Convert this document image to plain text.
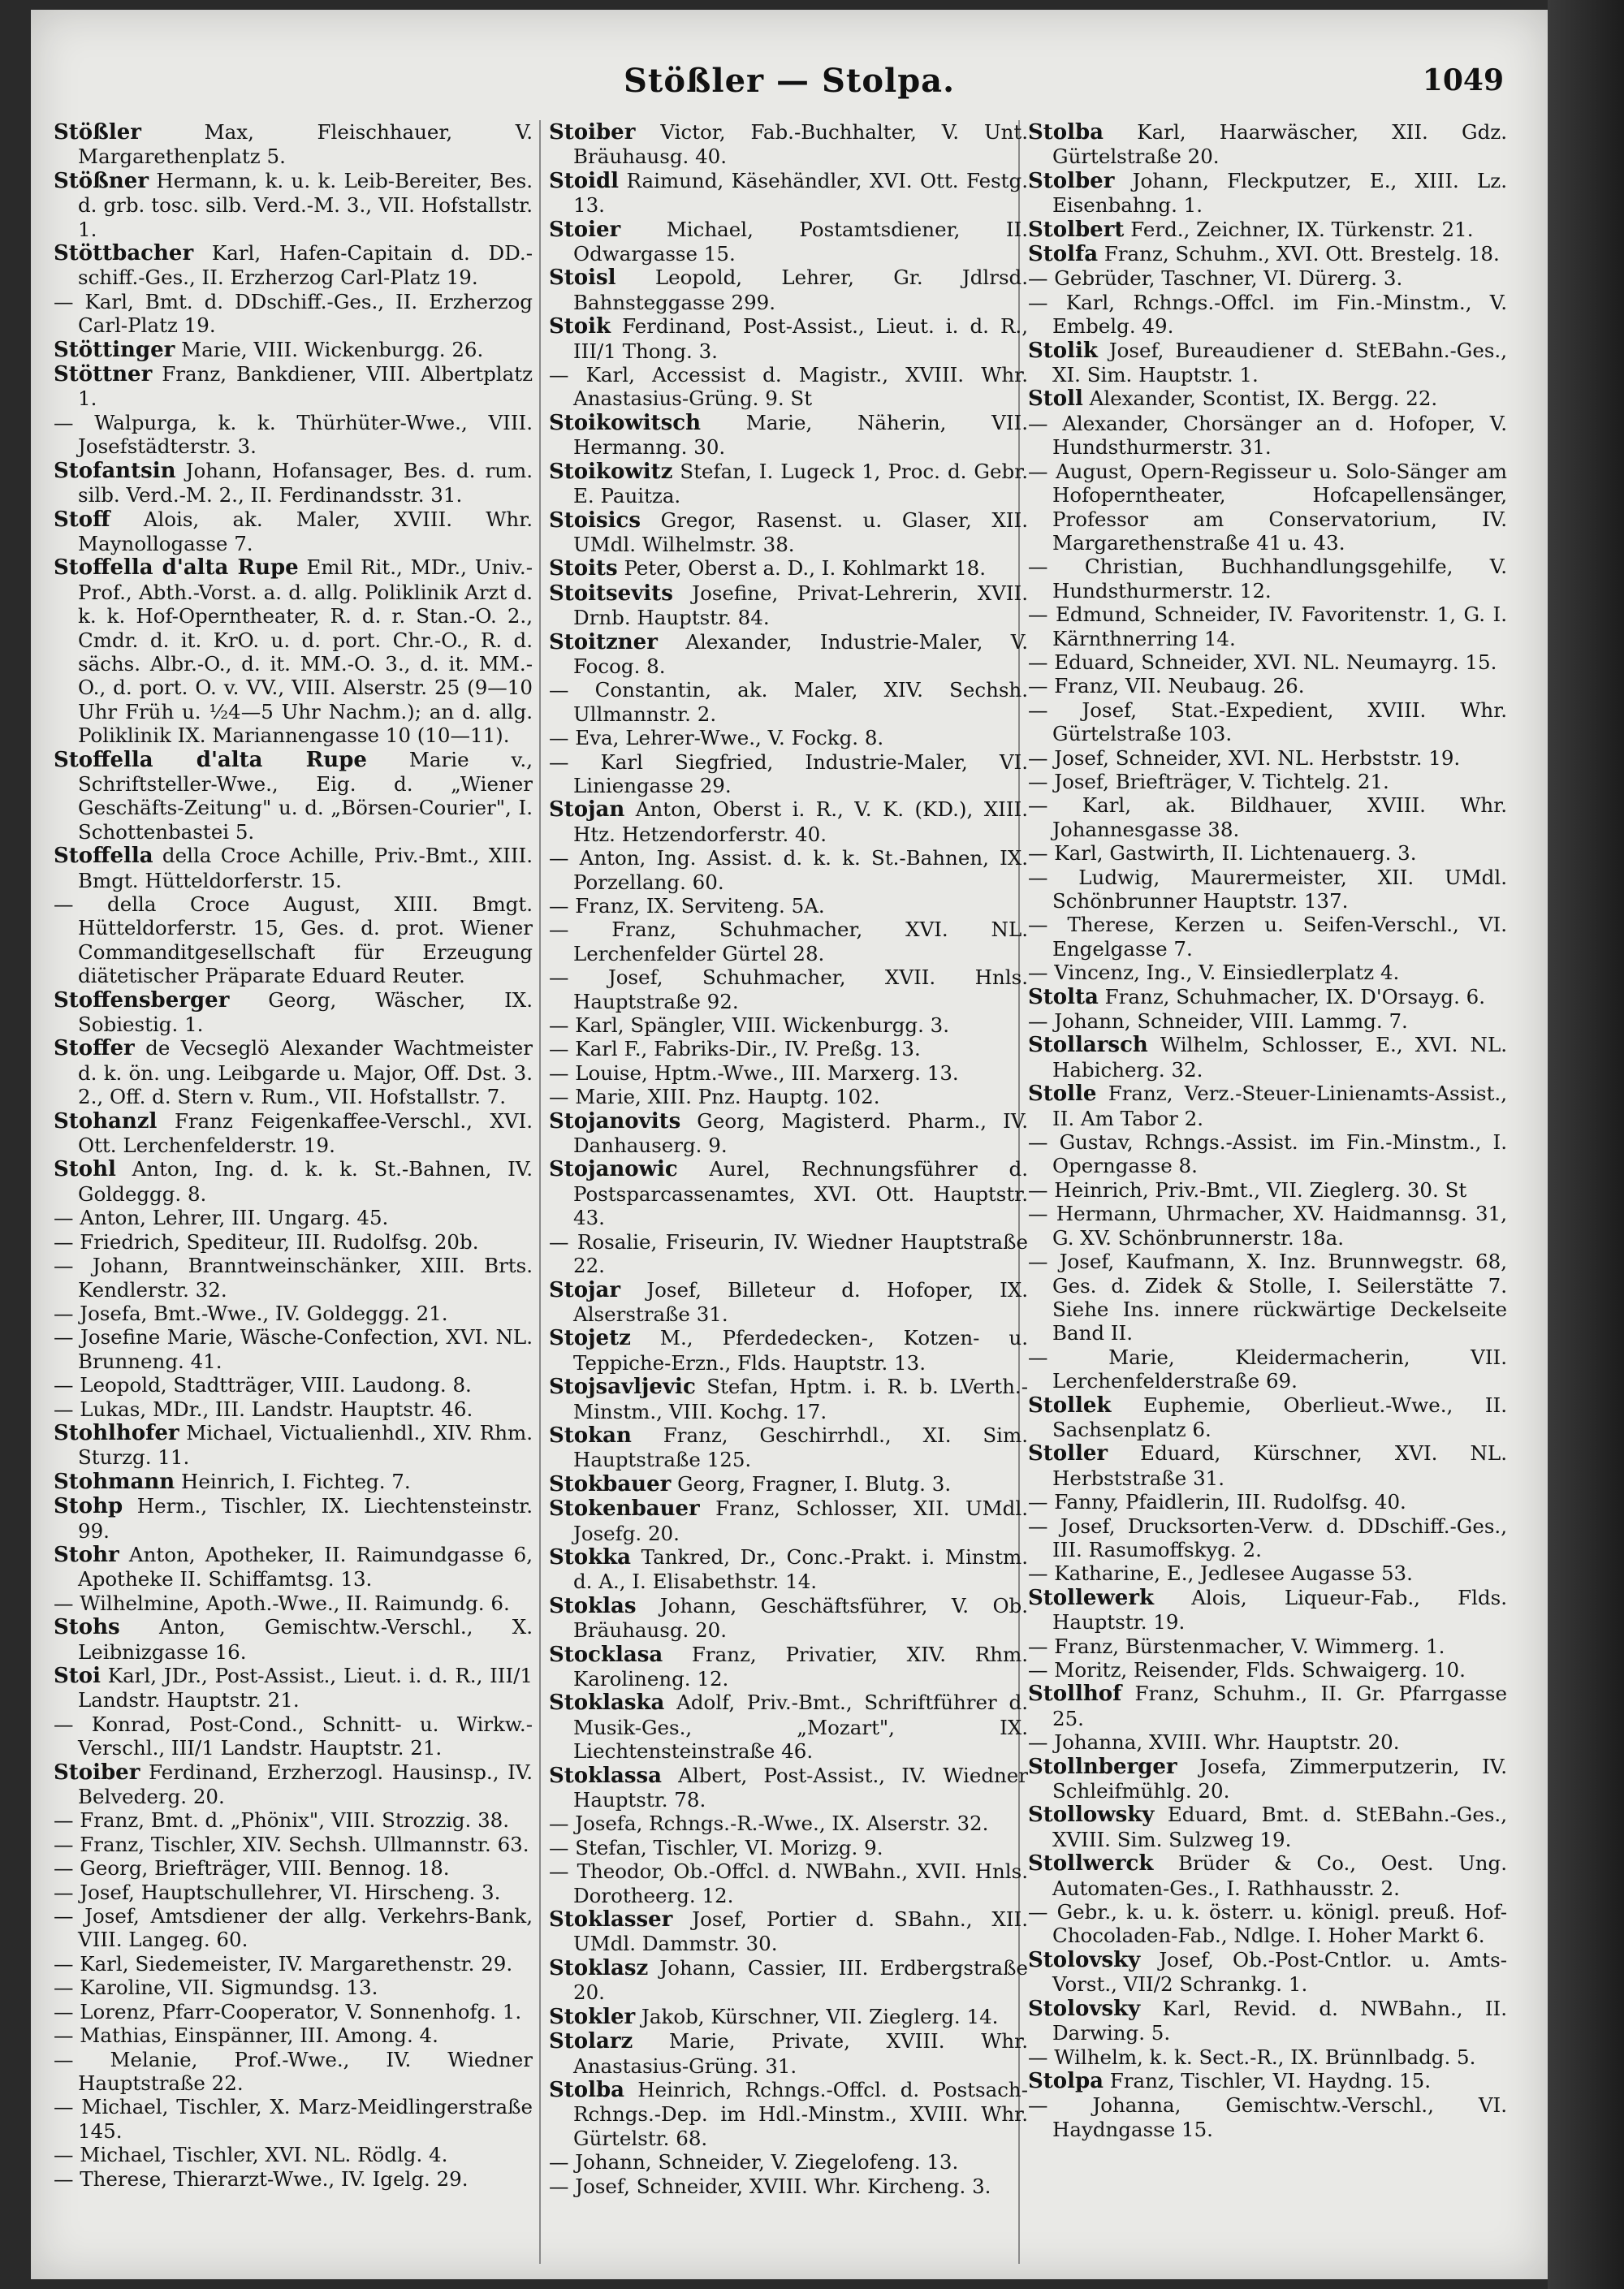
Stößler — Stolpa.	1049
Stößler Max, Fleischhauer, V. Margarethenplatz 5.
Stößner Hermann, k. u. k. Leib-Bereiter, Bes. d. grb. tosc. silb. Verd.-M. 3., VII. Hofstallstr. 1.
Stöttbacher Karl, Hafen-Capitain d. DD.-schiff.-Ges., II. Erzherzog Carl-Platz 19.
— Karl, Bmt. d. DDschiff.-Ges., II. Erzherzog Carl-Platz 19.
Stöttinger Marie, VIII. Wickenburgg. 26.
Stöttner Franz, Bankdiener, VIII. Albertplatz 1.
— Walpurga, k. k. Thürhüter-Wwe., VIII. Josefstädterstr. 3.
Stofantsin Johann, Hofansager, Bes. d. rum. silb. Verd.-M. 2., II. Ferdinandsstr. 31.
Stoff Alois, ak. Maler, XVIII. Whr. Maynollogasse 7.
Stoffella d'alta Rupe Emil Rit., MDr., Univ.-Prof., Abth.-Vorst. a. d. allg. Poliklinik Arzt d. k. k. Hof-Operntheater, R. d. r. Stan.-O. 2., Cmdr. d. it. KrO. u. d. port. Chr.-O., R. d. sächs. Albr.-O., d. it. MM.-O. 3., d. it. MM.-O., d. port. O. v. VV., VIII. Alserstr. 25 (9—10 Uhr Früh u. ½4—5 Uhr Nachm.); an d. allg. Poliklinik IX. Mariannengasse 10 (10—11).
Stoffella d'alta Rupe Marie v., Schriftsteller-Wwe., Eig. d. „Wiener Geschäfts-Zeitung" u. d. „Börsen-Courier", I. Schottenbastei 5.
Stoffella della Croce Achille, Priv.-Bmt., XIII. Bmgt. Hütteldorferstr. 15.
— della Croce August, XIII. Bmgt. Hütteldorferstr. 15, Ges. d. prot. Wiener Commanditgesellschaft für Erzeugung diätetischer Präparate Eduard Reuter.
Stoffensberger Georg, Wäscher, IX. Sobiestig. 1.
Stoffer de Vecseglö Alexander Wachtmeister d. k. ön. ung. Leibgarde u. Major, Off. Dst. 3. 2., Off. d. Stern v. Rum., VII. Hofstallstr. 7.
Stohanzl Franz Feigenkaffee-Verschl., XVI. Ott. Lerchenfelderstr. 19.
Stohl Anton, Ing. d. k. k. St.-Bahnen, IV. Goldeggg. 8.
— Anton, Lehrer, III. Ungarg. 45.
— Friedrich, Spediteur, III. Rudolfsg. 20b.
— Johann, Branntweinschänker, XIII. Brts. Kendlerstr. 32.
— Josefa, Bmt.-Wwe., IV. Goldeggg. 21.
— Josefine Marie, Wäsche-Confection, XVI. NL. Brunneng. 41.
— Leopold, Stadtträger, VIII. Laudong. 8.
— Lukas, MDr., III. Landstr. Hauptstr. 46.
Stohlhofer Michael, Victualienhdl., XIV. Rhm. Sturzg. 11.
Stohmann Heinrich, I. Fichteg. 7.
Stohp Herm., Tischler, IX. Liechtensteinstr. 99.
Stohr Anton, Apotheker, II. Raimundgasse 6, Apotheke II. Schiffamtsg. 13.
— Wilhelmine, Apoth.-Wwe., II. Raimundg. 6.
Stohs Anton, Gemischtw.-Verschl., X. Leibnizgasse 16.
Stoi Karl, JDr., Post-Assist., Lieut. i. d. R., III/1 Landstr. Hauptstr. 21.
— Konrad, Post-Cond., Schnitt- u. Wirkw.-Verschl., III/1 Landstr. Hauptstr. 21.
Stoiber Ferdinand, Erzherzogl. Hausinsp., IV. Belvederg. 20.
— Franz, Bmt. d. „Phönix", VIII. Strozzig. 38.
— Franz, Tischler, XIV. Sechsh. Ullmannstr. 63.
— Georg, Briefträger, VIII. Bennog. 18.
— Josef, Hauptschullehrer, VI. Hirscheng. 3.
— Josef, Amtsdiener der allg. Verkehrs-Bank, VIII. Langeg. 60.
— Karl, Siedemeister, IV. Margarethenstr. 29.
— Karoline, VII. Sigmundsg. 13.
— Lorenz, Pfarr-Cooperator, V. Sonnenhofg. 1.
— Mathias, Einspänner, III. Among. 4.
— Melanie, Prof.-Wwe., IV. Wiedner Hauptstraße 22.
— Michael, Tischler, X. Marz-Meidlingerstraße 145.
— Michael, Tischler, XVI. NL. Rödlg. 4.
— Therese, Thierarzt-Wwe., IV. Igelg. 29.
Stoiber Victor, Fab.-Buchhalter, V. Unt. Bräuhausg. 40.
Stoidl Raimund, Käsehändler, XVI. Ott. Festg. 13.
Stoier Michael, Postamtsdiener, II. Odwargasse 15.
Stoisl Leopold, Lehrer, Gr. Jdlrsd. Bahnsteggasse 299.
Stoik Ferdinand, Post-Assist., Lieut. i. d. R., III/1 Thong. 3.
— Karl, Accessist d. Magistr., XVIII. Whr. Anastasius-Grüng. 9. St
Stoikowitsch Marie, Näherin, VII. Hermanng. 30.
Stoikowitz Stefan, I. Lugeck 1, Proc. d. Gebr. E. Pauitza.
Stoisics Gregor, Rasenst. u. Glaser, XII. UMdl. Wilhelmstr. 38.
Stoits Peter, Oberst a. D., I. Kohlmarkt 18.
Stoitsevits Josefine, Privat-Lehrerin, XVII. Drnb. Hauptstr. 84.
Stoitzner Alexander, Industrie-Maler, V. Focog. 8.
— Constantin, ak. Maler, XIV. Sechsh. Ullmannstr. 2.
— Eva, Lehrer-Wwe., V. Fockg. 8.
— Karl Siegfried, Industrie-Maler, VI. Liniengasse 29.
Stojan Anton, Oberst i. R., V. K. (KD.), XIII. Htz. Hetzendorferstr. 40.
— Anton, Ing. Assist. d. k. k. St.-Bahnen, IX. Porzellang. 60.
— Franz, IX. Serviteng. 5A.
— Franz, Schuhmacher, XVI. NL. Lerchenfelder Gürtel 28.
— Josef, Schuhmacher, XVII. Hnls. Hauptstraße 92.
— Karl, Spängler, VIII. Wickenburgg. 3.
— Karl F., Fabriks-Dir., IV. Preßg. 13.
— Louise, Hptm.-Wwe., III. Marxerg. 13.
— Marie, XIII. Pnz. Hauptg. 102.
Stojanovits Georg, Magisterd. Pharm., IV. Danhauserg. 9.
Stojanowic Aurel, Rechnungsführer d. Postsparcassenamtes, XVI. Ott. Hauptstr. 43.
— Rosalie, Friseurin, IV. Wiedner Hauptstraße 22.
Stojar Josef, Billeteur d. Hofoper, IX. Alserstraße 31.
Stojetz M., Pferdedecken-, Kotzen- u. Teppiche-Erzn., Flds. Hauptstr. 13.
Stojsavljevic Stefan, Hptm. i. R. b. LVerth.-Minstm., VIII. Kochg. 17.
Stokan Franz, Geschirrhdl., XI. Sim. Hauptstraße 125.
Stokbauer Georg, Fragner, I. Blutg. 3.
Stokenbauer Franz, Schlosser, XII. UMdl. Josefg. 20.
Stokka Tankred, Dr., Conc.-Prakt. i. Minstm. d. A., I. Elisabethstr. 14.
Stoklas Johann, Geschäftsführer, V. Ob. Bräuhausg. 20.
Stocklasa Franz, Privatier, XIV. Rhm. Karolineng. 12.
Stoklaska Adolf, Priv.-Bmt., Schriftführer d. Musik-Ges., „Mozart", IX. Liechtensteinstraße 46.
Stoklassa Albert, Post-Assist., IV. Wiedner Hauptstr. 78.
— Josefa, Rchngs.-R.-Wwe., IX. Alserstr. 32.
— Stefan, Tischler, VI. Morizg. 9.
— Theodor, Ob.-Offcl. d. NWBahn., XVII. Hnls. Dorotheerg. 12.
Stoklasser Josef, Portier d. SBahn., XII. UMdl. Dammstr. 30.
Stoklasz Johann, Cassier, III. Erdbergstraße 20.
Stokler Jakob, Kürschner, VII. Zieglerg. 14.
Stolarz Marie, Private, XVIII. Whr. Anastasius-Grüng. 31.
Stolba Heinrich, Rchngs.-Offcl. d. Postsach-Rchngs.-Dep. im Hdl.-Minstm., XVIII. Whr. Gürtelstr. 68.
— Johann, Schneider, V. Ziegelofeng. 13.
— Josef, Schneider, XVIII. Whr. Kircheng. 3.
Stolba Karl, Haarwäscher, XII. Gdz. Gürtelstraße 20.
Stolber Johann, Fleckputzer, E., XIII. Lz. Eisenbahng. 1.
Stolbert Ferd., Zeichner, IX. Türkenstr. 21.
Stolfa Franz, Schuhm., XVI. Ott. Brestelg. 18.
— Gebrüder, Taschner, VI. Dürerg. 3.
— Karl, Rchngs.-Offcl. im Fin.-Minstm., V. Embelg. 49.
Stolik Josef, Bureaudiener d. StEBahn.-Ges., XI. Sim. Hauptstr. 1.
Stoll Alexander, Scontist, IX. Bergg. 22.
— Alexander, Chorsänger an d. Hofoper, V. Hundsthurmerstr. 31.
— August, Opern-Regisseur u. Solo-Sänger am Hofoperntheater, Hofcapellensänger, Professor am Conservatorium, IV. Margarethenstraße 41 u. 43.
— Christian, Buchhandlungsgehilfe, V. Hundsthurmerstr. 12.
— Edmund, Schneider, IV. Favoritenstr. 1, G. I. Kärnthnerring 14.
— Eduard, Schneider, XVI. NL. Neumayrg. 15.
— Franz, VII. Neubaug. 26.
— Josef, Stat.-Expedient, XVIII. Whr. Gürtelstraße 103.
— Josef, Schneider, XVI. NL. Herbststr. 19.
— Josef, Briefträger, V. Tichtelg. 21.
— Karl, ak. Bildhauer, XVIII. Whr. Johannesgasse 38.
— Karl, Gastwirth, II. Lichtenauerg. 3.
— Ludwig, Maurermeister, XII. UMdl. Schönbrunner Hauptstr. 137.
— Therese, Kerzen u. Seifen-Verschl., VI. Engelgasse 7.
— Vincenz, Ing., V. Einsiedlerplatz 4.
Stolta Franz, Schuhmacher, IX. D'Orsayg. 6.
— Johann, Schneider, VIII. Lammg. 7.
Stollarsch Wilhelm, Schlosser, E., XVI. NL. Habicherg. 32.
Stolle Franz, Verz.-Steuer-Linienamts-Assist., II. Am Tabor 2.
— Gustav, Rchngs.-Assist. im Fin.-Minstm., I. Operngasse 8.
— Heinrich, Priv.-Bmt., VII. Zieglerg. 30. St
— Hermann, Uhrmacher, XV. Haidmannsg. 31, G. XV. Schönbrunnerstr. 18a.
— Josef, Kaufmann, X. Inz. Brunnwegstr. 68, Ges. d. Zidek & Stolle, I. Seilerstätte 7. Siehe Ins. innere rückwärtige Deckelseite Band II.
— Marie, Kleidermacherin, VII. Lerchenfelderstraße 69.
Stollek Euphemie, Oberlieut.-Wwe., II. Sachsenplatz 6.
Stoller Eduard, Kürschner, XVI. NL. Herbststraße 31.
— Fanny, Pfaidlerin, III. Rudolfsg. 40.
— Josef, Drucksorten-Verw. d. DDschiff.-Ges., III. Rasumoffskyg. 2.
— Katharine, E., Jedlesee Augasse 53.
Stollewerk Alois, Liqueur-Fab., Flds. Hauptstr. 19.
— Franz, Bürstenmacher, V. Wimmerg. 1.
— Moritz, Reisender, Flds. Schwaigerg. 10.
Stollhof Franz, Schuhm., II. Gr. Pfarrgasse 25.
— Johanna, XVIII. Whr. Hauptstr. 20.
Stollnberger Josefa, Zimmerputzerin, IV. Schleifmühlg. 20.
Stollowsky Eduard, Bmt. d. StEBahn.-Ges., XVIII. Sim. Sulzweg 19.
Stollwerck Brüder & Co., Oest. Ung. Automaten-Ges., I. Rathhausstr. 2.
— Gebr., k. u. k. österr. u. königl. preuß. Hof-Chocoladen-Fab., Ndlge. I. Hoher Markt 6.
Stolovsky Josef, Ob.-Post-Cntlor. u. Amts-Vorst., VII/2 Schrankg. 1.
Stolovsky Karl, Revid. d. NWBahn., II. Darwing. 5.
— Wilhelm, k. k. Sect.-R., IX. Brünnlbadg. 5.
Stolpa Franz, Tischler, VI. Haydng. 15.
— Johanna, Gemischtw.-Verschl., VI. Haydngasse 15.
